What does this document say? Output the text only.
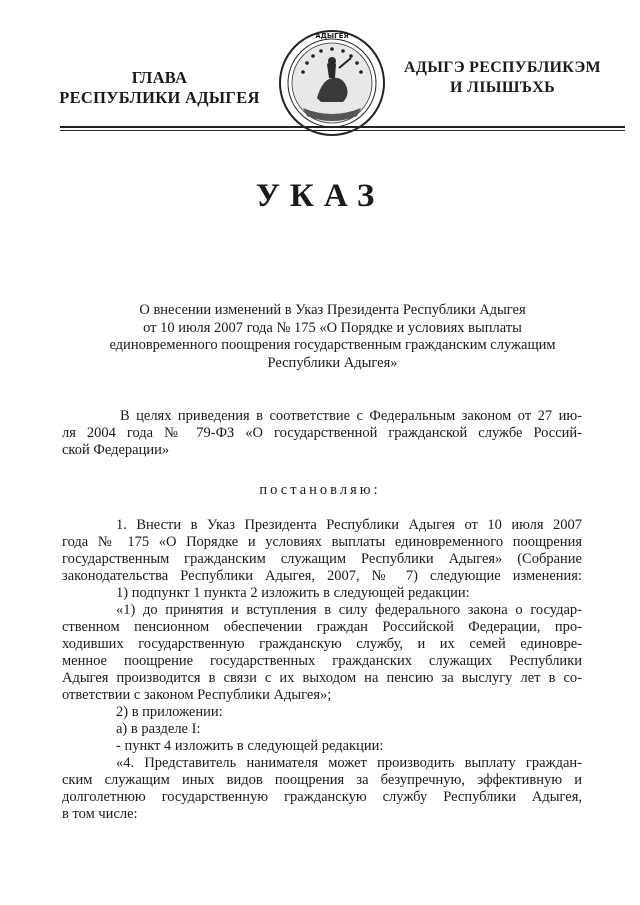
ГЛАВА
РЕСПУБЛИКИ АДЫГЕЯ
АДЫГЕЯ
АДЫГЭ РЕСПУБЛИКЭМ
И ЛІЫШЪХЬ
УКАЗ
О внесении изменений в Указ Президента Республики Адыгея
от 10 июля 2007 года № 175 «О Порядке и условиях выплаты
единовременного поощрения государственным гражданским служащим
Республики Адыгея»
В целях приведения в соответствие с Федеральным законом от 27 ию-
ля 2004 года № 79-ФЗ «О государственной гражданской службе Россий-
ской Федерации»
постановляю:
1. Внести в Указ Президента Республики Адыгея от 10 июля 2007
года № 175 «О Порядке и условиях выплаты единовременного поощрения
государственным гражданским служащим Республики Адыгея» (Собрание
законодательства Республики Адыгея, 2007, № 7) следующие изменения:
1) подпункт 1 пункта 2 изложить в следующей редакции:
«1) до принятия и вступления в силу федерального закона о государ-
ственном пенсионном обеспечении граждан Российской Федерации, про-
ходивших государственную гражданскую службу, и их семей единовре-
менное поощрение государственных гражданских служащих Республики
Адыгея производится в связи с их выходом на пенсию за выслугу лет в со-
ответствии с законом Республики Адыгея»;
2) в приложении:
а) в разделе I:
- пункт 4 изложить в следующей редакции:
«4. Представитель нанимателя может производить выплату граждан-
ским служащим иных видов поощрения за безупречную, эффективную и
долголетнюю государственную гражданскую службу Республики Адыгея,
в том числе:
